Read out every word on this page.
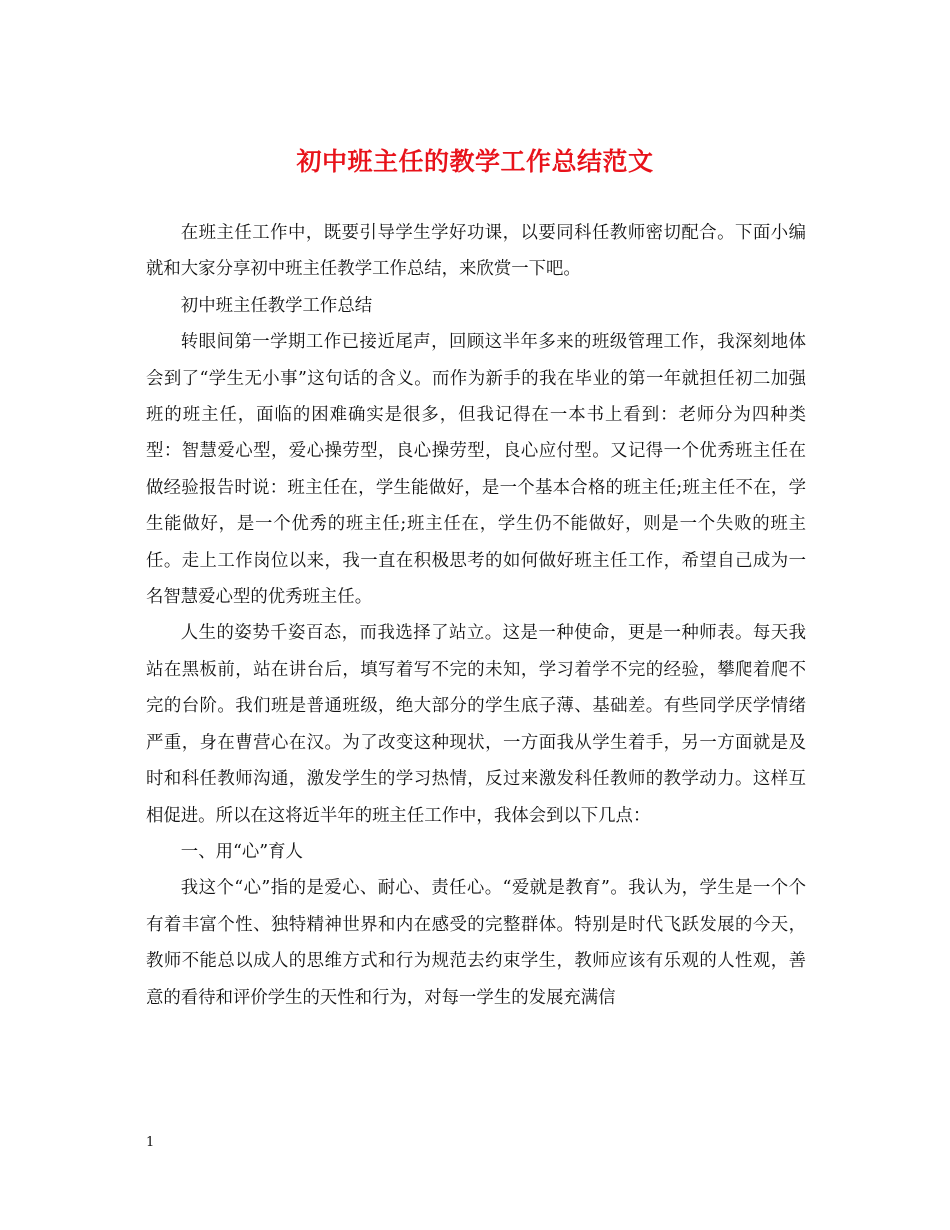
初中班主任的教学工作总结范文

在班主任工作中，既要引导学生学好功课，以要同科任教师密切配合。下面小编就和大家分享初中班主任教学工作总结，来欣赏一下吧。

初中班主任教学工作总结

转眼间第一学期工作已接近尾声，回顾这半年多来的班级管理工作，我深刻地体会到了“学生无小事”这句话的含义。而作为新手的我在毕业的第一年就担任初二加强班的班主任，面临的困难确实是很多，但我记得在一本书上看到：老师分为四种类型：智慧爱心型，爱心操劳型，良心操劳型，良心应付型。又记得一个优秀班主任在做经验报告时说：班主任在，学生能做好，是一个基本合格的班主任;班主任不在，学生能做好，是一个优秀的班主任;班主任在，学生仍不能做好，则是一个失败的班主任。走上工作岗位以来，我一直在积极思考的如何做好班主任工作，希望自己成为一名智慧爱心型的优秀班主任。

人生的姿势千姿百态，而我选择了站立。这是一种使命，更是一种师表。每天我站在黑板前，站在讲台后，填写着写不完的未知，学习着学不完的经验，攀爬着爬不完的台阶。我们班是普通班级，绝大部分的学生底子薄、基础差。有些同学厌学情绪严重，身在曹营心在汉。为了改变这种现状，一方面我从学生着手，另一方面就是及时和科任教师沟通，激发学生的学习热情，反过来激发科任教师的教学动力。这样互相促进。所以在这将近半年的班主任工作中，我体会到以下几点：

一、用“心”育人

我这个“心”指的是爱心、耐心、责任心。“爱就是教育”。我认为，学生是一个个有着丰富个性、独特精神世界和内在感受的完整群体。特别是时代飞跃发展的今天，教师不能总以成人的思维方式和行为规范去约束学生，教师应该有乐观的人性观，善意的看待和评价学生的天性和行为，对每一学生的发展充满信

1
